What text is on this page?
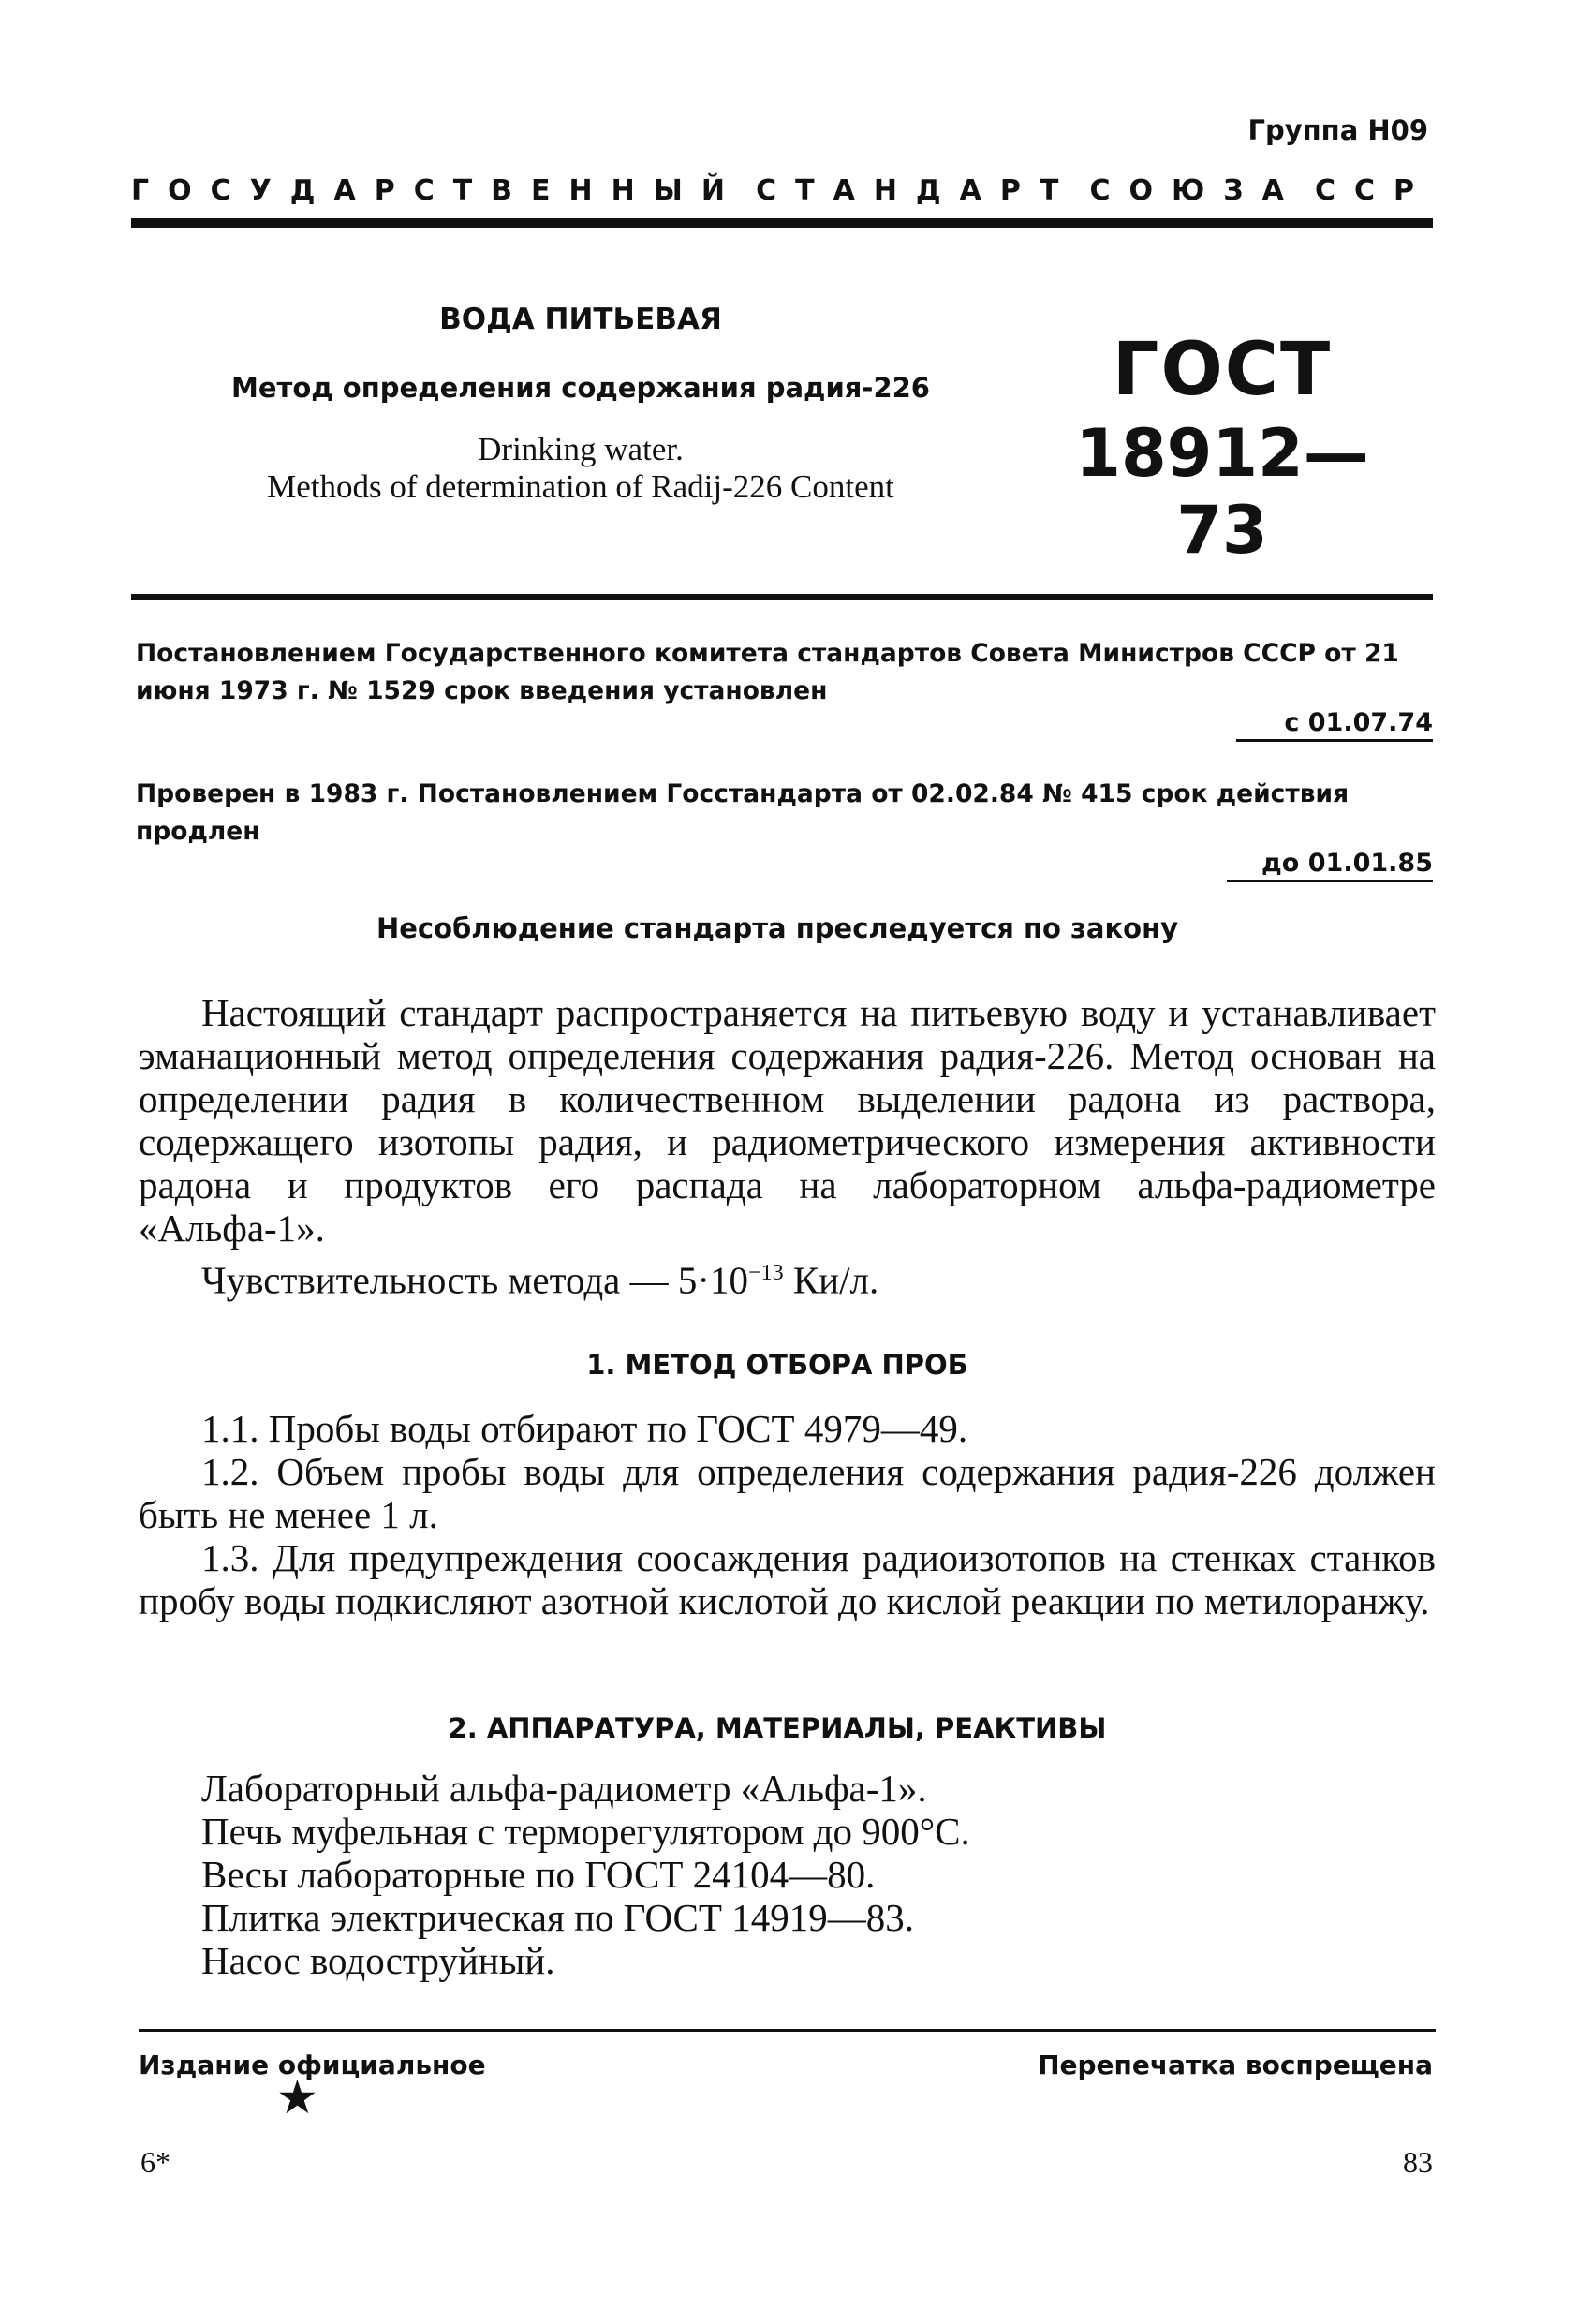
Группа Н09
ГОСУДАРСТВЕННЫЙ СТАНДАРТ СОЮЗА ССР
ВОДА ПИТЬЕВАЯ
Метод определения содержания радия-226
Drinking water.
Methods of determination of Radij-226 Content
ГОСТ
18912—73
Постановлением Государственного комитета стандартов Совета Министров СССР от 21 июня 1973 г. № 1529 срок введения установлен
с 01.07.74
Проверен в 1983 г. Постановлением Госстандарта от 02.02.84 № 415 срок действия продлен
до 01.01.85
Несоблюдение стандарта преследуется по закону
Настоящий стандарт распространяется на питьевую воду и устанавливает эманационный метод определения содержания радия-226. Метод основан на определении радия в количественном выделении радона из раствора, содержащего изотопы радия, и радиометрического измерения активности радона и продуктов его распада на лабораторном альфа-радиометре «Альфа-1».
Чувствительность метода — $5\cdot 10^{-13}$ Ки/л.
1. МЕТОД ОТБОРА ПРОБ
1.1. Пробы воды отбирают по ГОСТ 4979—49.
1.2. Объем пробы воды для определения содержания радия-226 должен быть не менее 1 л.
1.3. Для предупреждения соосаждения радиоизотопов на стенках станков пробу воды подкисляют азотной кислотой до кислой реакции по метилоранжу.
2. АППАРАТУРА, МАТЕРИАЛЫ, РЕАКТИВЫ
Лабораторный альфа-радиометр «Альфа-1».
Печь муфельная с терморегулятором до 900°С.
Весы лабораторные по ГОСТ 24104—80.
Плитка электрическая по ГОСТ 14919—83.
Насос водоструйный.
Издание официальное	Перепечатка воспрещена
★
6*	83
